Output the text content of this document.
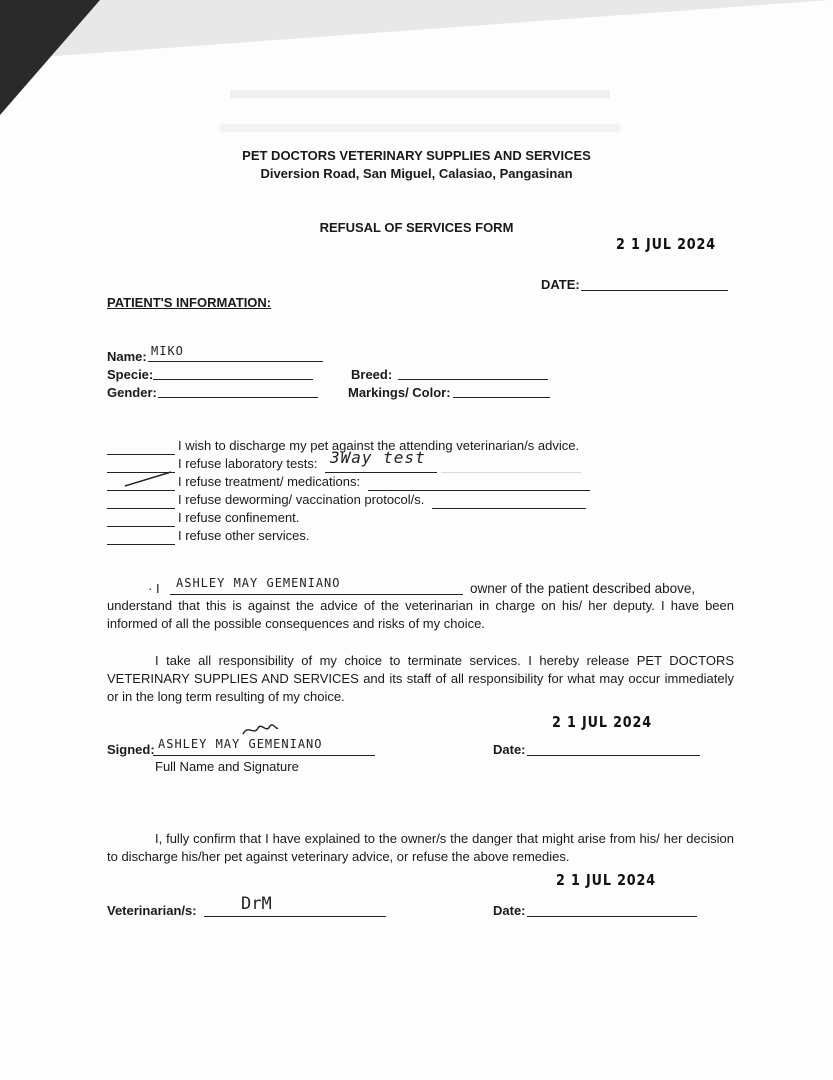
PET DOCTORS VETERINARY SUPPLIES AND SERVICES
Diversion Road, San Miguel, Calasiao, Pangasinan
REFUSAL OF SERVICES FORM
2 1 JUL 2024
DATE:
PATIENT'S INFORMATION:
Name: MIKO
Specie:	Breed:
Gender:	Markings/ Color:
I wish to discharge my pet against the attending veterinarian/s advice.
I refuse laboratory tests: 3Way test
I refuse treatment/ medications:
I refuse deworming/ vaccination protocol/s.
I refuse confinement.
I refuse other services.
· I ASHLEY MAY GEMENIANO	owner of the patient described above,
understand that this is against the advice of the veterinarian in charge on his/ her deputy. I have been informed of all the possible consequences and risks of my choice.
I take all responsibility of my choice to terminate services. I hereby release PET DOCTORS VETERINARY SUPPLIES AND SERVICES and its staff of all responsibility for what may occur immediately or in the long term resulting of my choice.
2 1 JUL 2024
Signed: ASHLEY MAY GEMENIANO
Full Name and Signature
Date:
I, fully confirm that I have explained to the owner/s the danger that might arise from his/ her decision to discharge his/her pet against veterinary advice, or refuse the above remedies.
2 1 JUL 2024
Veterinarian/s:	DrM	Date:
